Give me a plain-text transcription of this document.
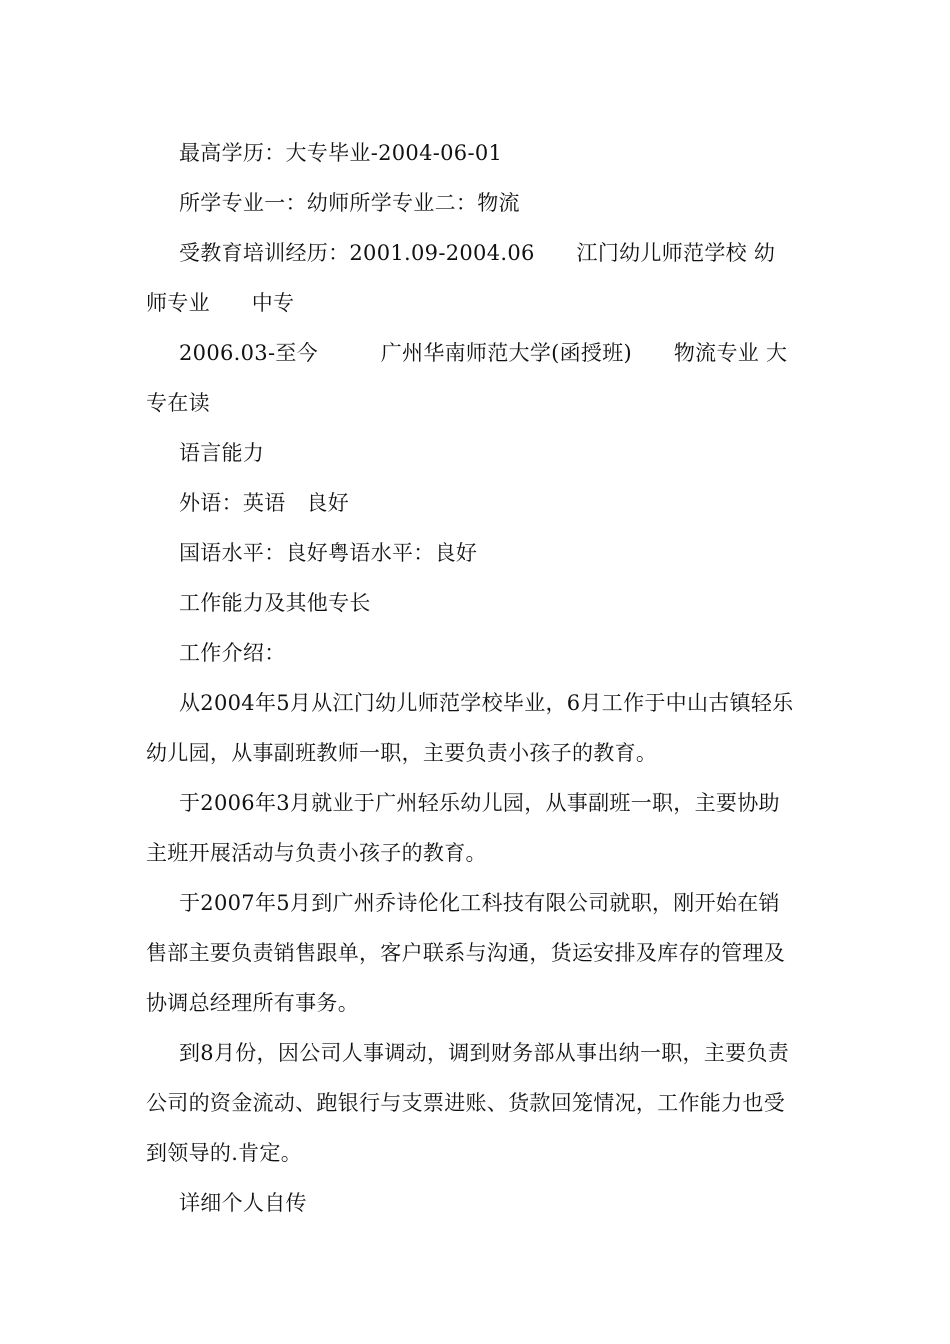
最高学历：大专毕业-2004-06-01

所学专业一：幼师所学专业二：物流

受教育培训经历：2001.09-2004.06      江门幼儿师范学校 幼师专业      中专

2006.03-至今         广州华南师范大学(函授班)      物流专业 大专在读

语言能力

外语：英语   良好

国语水平：良好粤语水平：良好

工作能力及其他专长

工作介绍：

从2004年5月从江门幼儿师范学校毕业，6月工作于中山古镇轻乐幼儿园，从事副班教师一职，主要负责小孩子的教育。

于2006年3月就业于广州轻乐幼儿园，从事副班一职，主要协助主班开展活动与负责小孩子的教育。

于2007年5月到广州乔诗伦化工科技有限公司就职，刚开始在销售部主要负责销售跟单，客户联系与沟通，货运安排及库存的管理及协调总经理所有事务。

到8月份，因公司人事调动，调到财务部从事出纳一职，主要负责公司的资金流动、跑银行与支票进账、货款回笼情况，工作能力也受到领导的.肯定。

详细个人自传
